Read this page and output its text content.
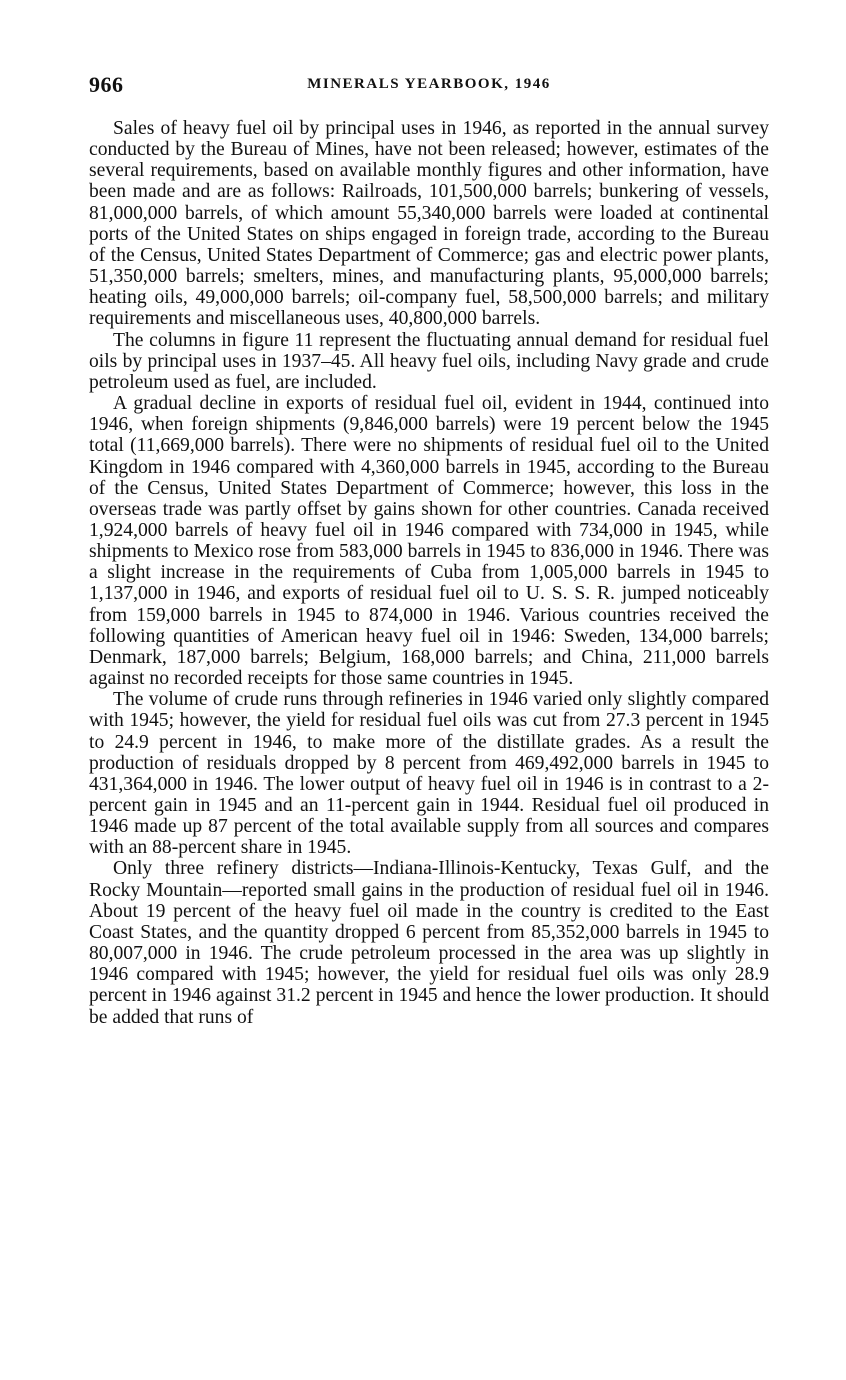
966	MINERALS YEARBOOK, 1946

Sales of heavy fuel oil by principal uses in 1946, as reported in the annual survey conducted by the Bureau of Mines, have not been released; however, estimates of the several requirements, based on available monthly figures and other information, have been made and are as follows: Railroads, 101,500,000 barrels; bunkering of vessels, 81,000,000 barrels, of which amount 55,340,000 barrels were loaded at continental ports of the United States on ships engaged in foreign trade, according to the Bureau of the Census, United States Department of Commerce; gas and electric power plants, 51,350,000 barrels; smelters, mines, and manufacturing plants, 95,000,000 barrels; heating oils, 49,000,000 barrels; oil-company fuel, 58,500,000 barrels; and military requirements and miscellaneous uses, 40,800,000 barrels.

The columns in figure 11 represent the fluctuating annual demand for residual fuel oils by principal uses in 1937–45. All heavy fuel oils, including Navy grade and crude petroleum used as fuel, are included.

A gradual decline in exports of residual fuel oil, evident in 1944, continued into 1946, when foreign shipments (9,846,000 barrels) were 19 percent below the 1945 total (11,669,000 barrels). There were no shipments of residual fuel oil to the United Kingdom in 1946 compared with 4,360,000 barrels in 1945, according to the Bureau of the Census, United States Department of Commerce; however, this loss in the overseas trade was partly offset by gains shown for other countries. Canada received 1,924,000 barrels of heavy fuel oil in 1946 compared with 734,000 in 1945, while shipments to Mexico rose from 583,000 barrels in 1945 to 836,000 in 1946. There was a slight increase in the requirements of Cuba from 1,005,000 barrels in 1945 to 1,137,000 in 1946, and exports of residual fuel oil to U. S. S. R. jumped noticeably from 159,000 barrels in 1945 to 874,000 in 1946. Various countries received the following quantities of American heavy fuel oil in 1946: Sweden, 134,000 barrels; Denmark, 187,000 barrels; Belgium, 168,000 barrels; and China, 211,000 barrels against no recorded receipts for those same countries in 1945.

The volume of crude runs through refineries in 1946 varied only slightly compared with 1945; however, the yield for residual fuel oils was cut from 27.3 percent in 1945 to 24.9 percent in 1946, to make more of the distillate grades. As a result the production of residuals dropped by 8 percent from 469,492,000 barrels in 1945 to 431,364,000 in 1946. The lower output of heavy fuel oil in 1946 is in contrast to a 2-percent gain in 1945 and an 11-percent gain in 1944. Residual fuel oil produced in 1946 made up 87 percent of the total available supply from all sources and compares with an 88-percent share in 1945.

Only three refinery districts—Indiana-Illinois-Kentucky, Texas Gulf, and the Rocky Mountain—reported small gains in the production of residual fuel oil in 1946. About 19 percent of the heavy fuel oil made in the country is credited to the East Coast States, and the quantity dropped 6 percent from 85,352,000 barrels in 1945 to 80,007,000 in 1946. The crude petroleum processed in the area was up slightly in 1946 compared with 1945; however, the yield for residual fuel oils was only 28.9 percent in 1946 against 31.2 percent in 1945 and hence the lower production. It should be added that runs of
